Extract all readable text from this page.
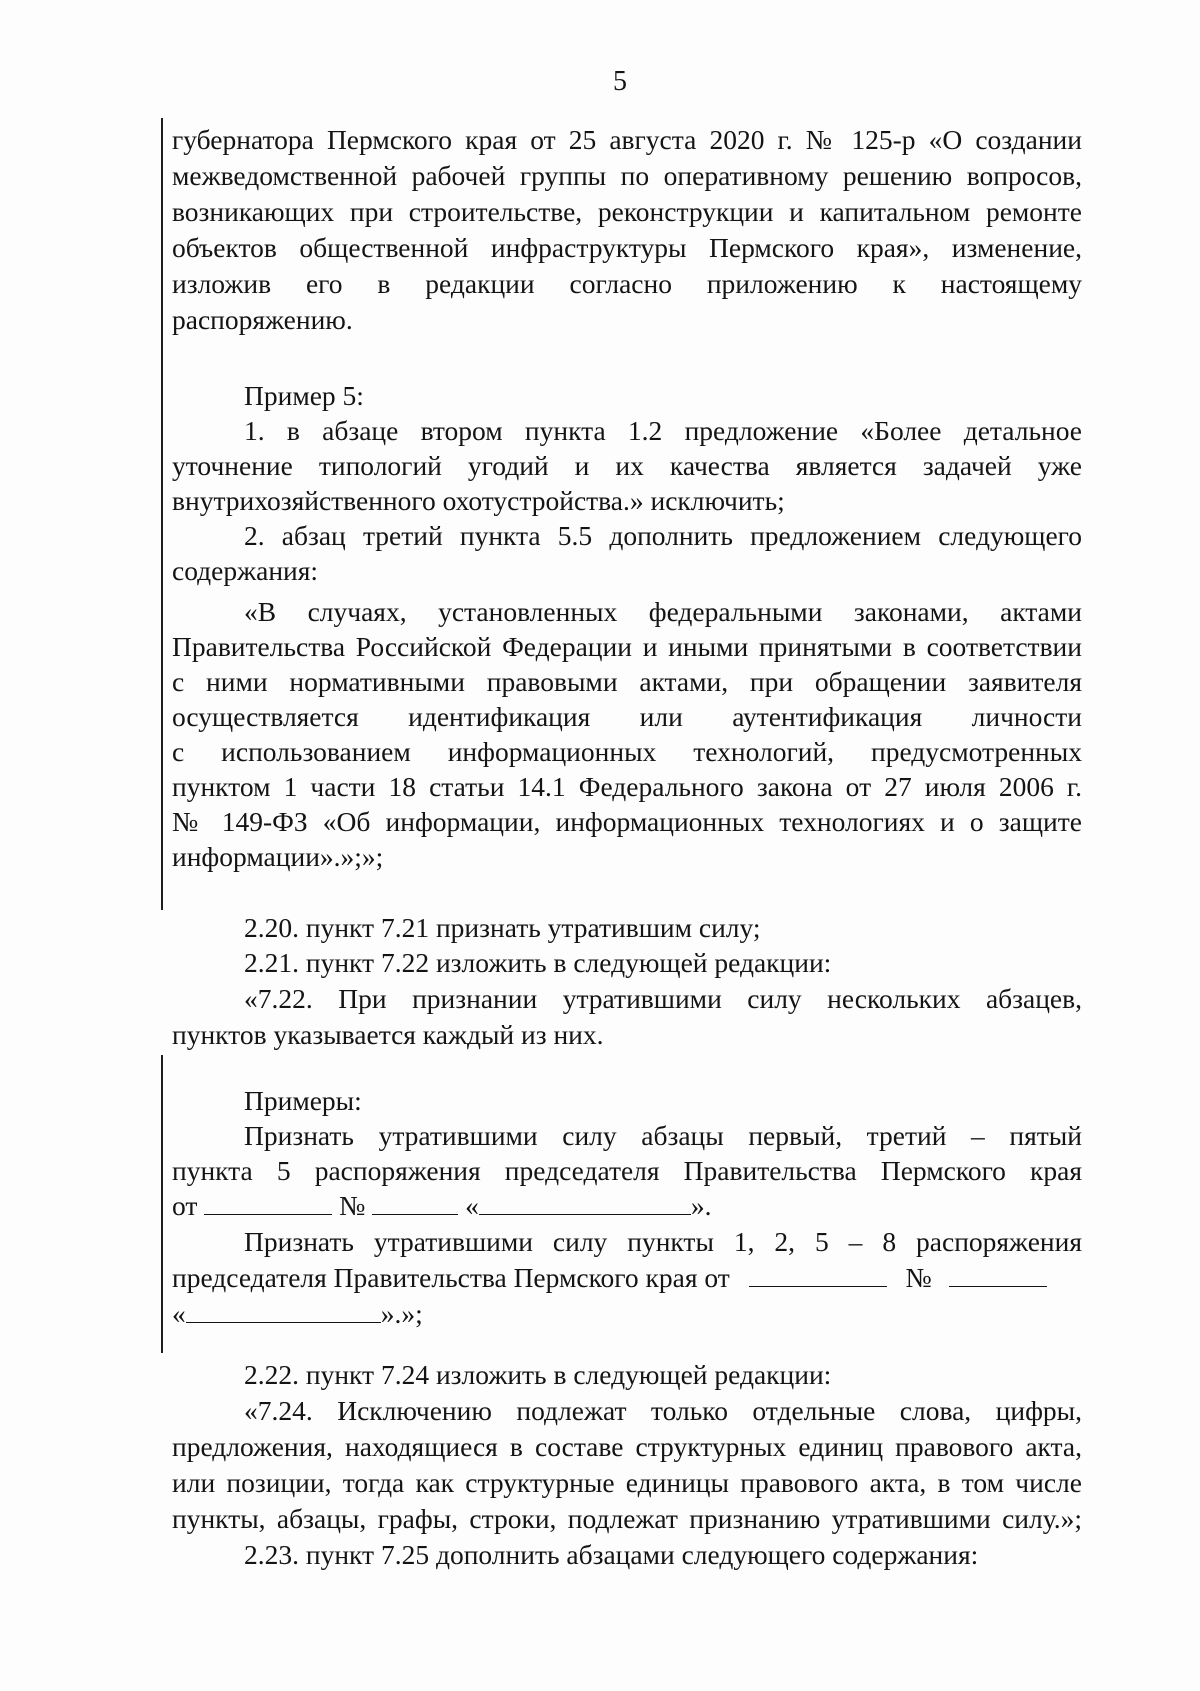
5
губернатора Пермского края от 25 августа 2020 г. № 125-р «О создании
межведомственной рабочей группы по оперативному решению вопросов,
возникающих при строительстве, реконструкции и капитальном ремонте
объектов общественной инфраструктуры Пермского края», изменение,
изложив его в редакции согласно приложению к настоящему
распоряжению.
Пример 5:
1. в абзаце втором пункта 1.2 предложение «Более детальное
уточнение типологий угодий и их качества является задачей уже
внутрихозяйственного охотустройства.» исключить;
2. абзац третий пункта 5.5 дополнить предложением следующего
содержания:
«В случаях, установленных федеральными законами, актами
Правительства Российской Федерации и иными принятыми в соответствии
с ними нормативными правовыми актами, при обращении заявителя
осуществляется идентификация или аутентификация личности
с использованием информационных технологий, предусмотренных
пунктом 1 части 18 статьи 14.1 Федерального закона от 27 июля 2006 г.
№ 149-ФЗ «Об информации, информационных технологиях и о защите
информации».»;»;
2.20. пункт 7.21 признать утратившим силу;
2.21. пункт 7.22 изложить в следующей редакции:
«7.22. При признании утратившими силу нескольких абзацев,
пунктов указывается каждый из них.
Примеры:
Признать утратившими силу абзацы первый, третий – пятый
пункта 5 распоряжения председателя Правительства Пермского края
от	№	«	».
Признать утратившими силу пункты 1, 2, 5 – 8 распоряжения
председателя Правительства Пермского края от	№
«	».»;
2.22. пункт 7.24 изложить в следующей редакции:
«7.24. Исключению подлежат только отдельные слова, цифры,
предложения, находящиеся в составе структурных единиц правового акта,
или позиции, тогда как структурные единицы правового акта, в том числе
пункты, абзацы, графы, строки, подлежат признанию утратившими силу.»;
2.23. пункт 7.25 дополнить абзацами следующего содержания:
